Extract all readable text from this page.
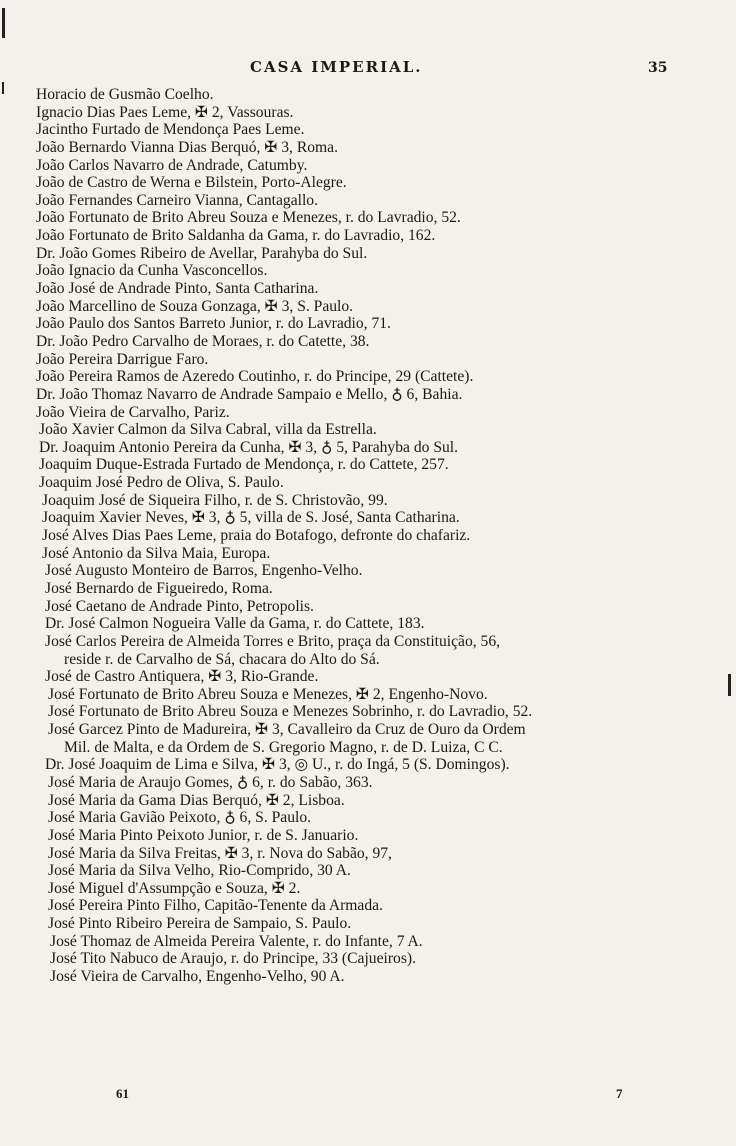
CASA IMPERIAL.	35
Horacio de Gusmão Coelho.
Ignacio Dias Paes Leme, ✠ 2, Vassouras.
Jacintho Furtado de Mendonça Paes Leme.
João Bernardo Vianna Dias Berquó, ✠ 3, Roma.
João Carlos Navarro de Andrade, Catumby.
João de Castro de Werna e Bilstein, Porto-Alegre.
João Fernandes Carneiro Vianna, Cantagallo.
João Fortunato de Brito Abreu Souza e Menezes, r. do Lavradio, 52.
João Fortunato de Brito Saldanha da Gama, r. do Lavradio, 162.
Dr. João Gomes Ribeiro de Avellar, Parahyba do Sul.
João Ignacio da Cunha Vasconcellos.
João José de Andrade Pinto, Santa Catharina.
João Marcellino de Souza Gonzaga, ✠ 3, S. Paulo.
João Paulo dos Santos Barreto Junior, r. do Lavradio, 71.
Dr. João Pedro Carvalho de Moraes, r. do Catette, 38.
João Pereira Darrigue Faro.
João Pereira Ramos de Azeredo Coutinho, r. do Principe, 29 (Cattete).
Dr. João Thomaz Navarro de Andrade Sampaio e Mello, ♁ 6, Bahia.
João Vieira de Carvalho, Pariz.
João Xavier Calmon da Silva Cabral, villa da Estrella.
Dr. Joaquim Antonio Pereira da Cunha, ✠ 3, ♁ 5, Parahyba do Sul.
Joaquim Duque-Estrada Furtado de Mendonça, r. do Cattete, 257.
Joaquim José Pedro de Oliva, S. Paulo.
Joaquim José de Siqueira Filho, r. de S. Christovão, 99.
Joaquim Xavier Neves, ✠ 3, ♁ 5, villa de S. José, Santa Catharina.
José Alves Dias Paes Leme, praia do Botafogo, defronte do chafariz.
José Antonio da Silva Maia, Europa.
José Augusto Monteiro de Barros, Engenho-Velho.
José Bernardo de Figueiredo, Roma.
José Caetano de Andrade Pinto, Petropolis.
Dr. José Calmon Nogueira Valle da Gama, r. do Cattete, 183.
José Carlos Pereira de Almeida Torres e Brito, praça da Constituição, 56,
reside r. de Carvalho de Sá, chacara do Alto do Sá.
José de Castro Antiquera, ✠ 3, Rio-Grande.
José Fortunato de Brito Abreu Souza e Menezes, ✠ 2, Engenho-Novo.
José Fortunato de Brito Abreu Souza e Menezes Sobrinho, r. do Lavradio, 52.
José Garcez Pinto de Madureira, ✠ 3, Cavalleiro da Cruz de Ouro da Ordem
Mil. de Malta, e da Ordem de S. Gregorio Magno, r. de D. Luiza, C C.
Dr. José Joaquim de Lima e Silva, ✠ 3, ◎ U., r. do Ingá, 5 (S. Domingos).
José Maria de Araujo Gomes, ♁ 6, r. do Sabão, 363.
José Maria da Gama Dias Berquó, ✠ 2, Lisboa.
José Maria Gavião Peixoto, ♁ 6, S. Paulo.
José Maria Pinto Peixoto Junior, r. de S. Januario.
José Maria da Silva Freitas, ✠ 3, r. Nova do Sabão, 97,
José Maria da Silva Velho, Rio-Comprido, 30 A.
José Miguel d'Assumpção e Souza, ✠ 2.
José Pereira Pinto Filho, Capitão-Tenente da Armada.
José Pinto Ribeiro Pereira de Sampaio, S. Paulo.
José Thomaz de Almeida Pereira Valente, r. do Infante, 7 A.
José Tito Nabuco de Araujo, r. do Principe, 33 (Cajueiros).
José Vieira de Carvalho, Engenho-Velho, 90 A.
61	7
